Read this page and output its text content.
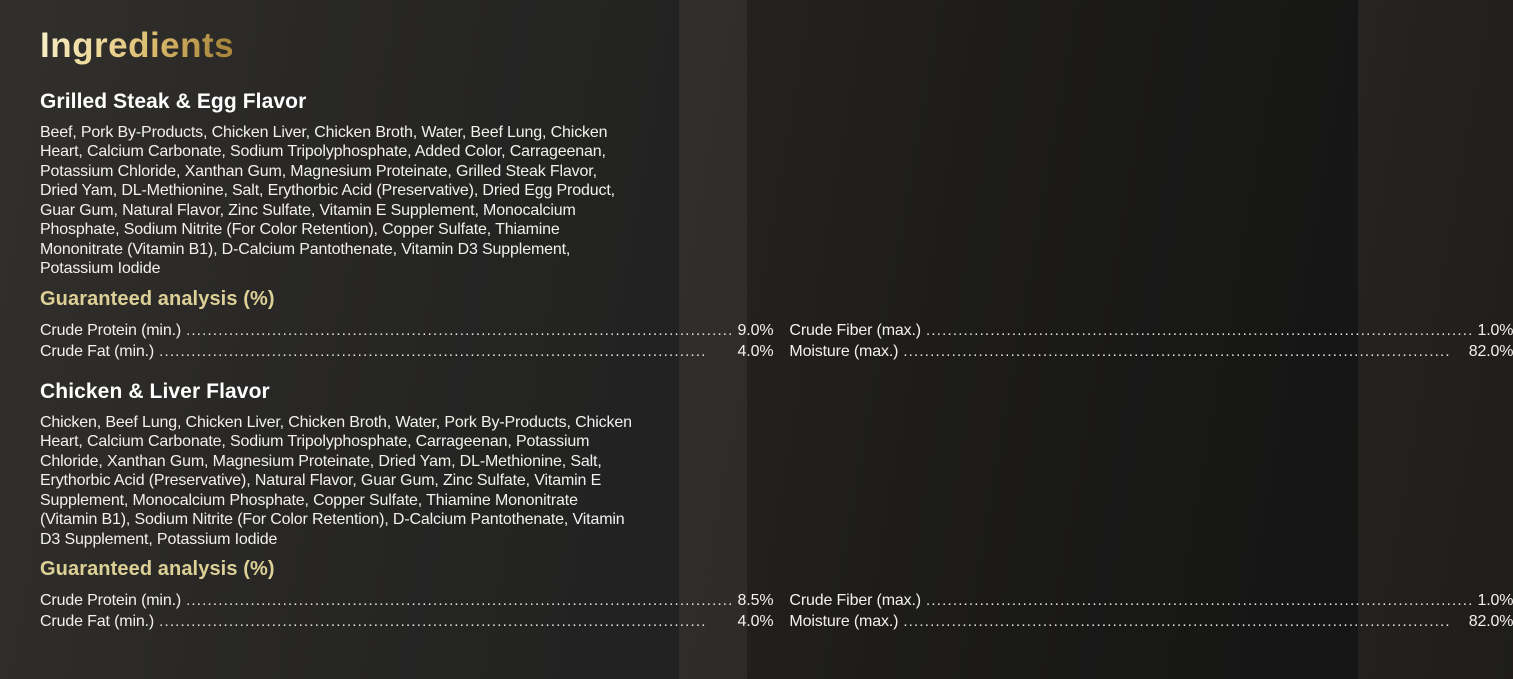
Ingredients
Grilled Steak & Egg Flavor

Beef, Pork By-Products, Chicken Liver, Chicken Broth, Water, Beef Lung, Chicken Heart, Calcium Carbonate, Sodium Tripolyphosphate, Added Color, Carrageenan, Potassium Chloride, Xanthan Gum, Magnesium Proteinate, Grilled Steak Flavor, Dried Yam, DL-Methionine, Salt, Erythorbic Acid (Preservative), Dried Egg Product, Guar Gum, Natural Flavor, Zinc Sulfate, Vitamin E Supplement, Monocalcium Phosphate, Sodium Nitrite (For Color Retention), Copper Sulfate, Thiamine Mononitrate (Vitamin B1), D-Calcium Pantothenate, Vitamin D3 Supplement, Potassium Iodide

Guaranteed analysis (%)
Crude Protein (min.) .....	9.0% Crude Fiber (max.) .....	1.0%
Crude Fat (min.) .....	4.0% Moisture (max.) .....	82.0%
Chicken & Liver Flavor

Chicken, Beef Lung, Chicken Liver, Chicken Broth, Water, Pork By-Products, Chicken Heart, Calcium Carbonate, Sodium Tripolyphosphate, Carrageenan, Potassium Chloride, Xanthan Gum, Magnesium Proteinate, Dried Yam, DL-Methionine, Salt, Erythorbic Acid (Preservative), Natural Flavor, Guar Gum, Zinc Sulfate, Vitamin E Supplement, Monocalcium Phosphate, Copper Sulfate, Thiamine Mononitrate (Vitamin B1), Sodium Nitrite (For Color Retention), D-Calcium Pantothenate, Vitamin D3 Supplement, Potassium Iodide

Guaranteed analysis (%)
Crude Protein (min.) .....	8.5% Crude Fiber (max.) .....	1.0%
Crude Fat (min.) .....	4.0% Moisture (max.) .....	82.0%
